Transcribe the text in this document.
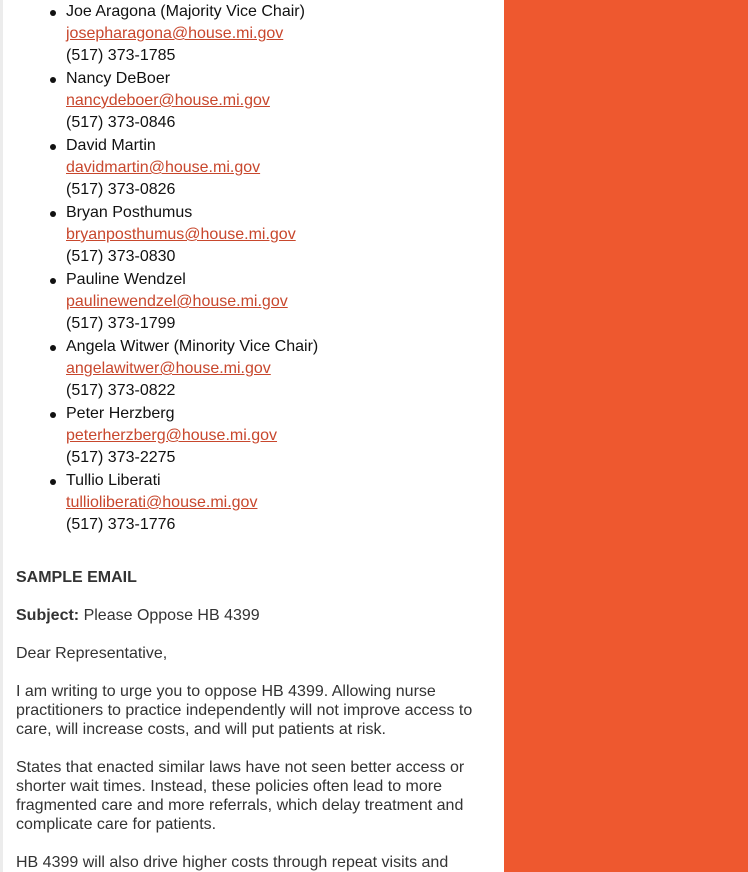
Joe Aragona (Majority Vice Chair)
josepharagona@house.mi.gov
(517) 373-1785
Nancy DeBoer
nancydeboer@house.mi.gov
(517) 373-0846
David Martin
davidmartin@house.mi.gov
(517) 373-0826
Bryan Posthumus
bryanposthumus@house.mi.gov
(517) 373-0830
Pauline Wendzel
paulinewendzel@house.mi.gov
(517) 373-1799
Angela Witwer (Minority Vice Chair)
angelawitwer@house.mi.gov
(517) 373-0822
Peter Herzberg
peterherzberg@house.mi.gov
(517) 373-2275
Tullio Liberati
tullioliberati@house.mi.gov
(517) 373-1776

SAMPLE EMAIL

Subject: Please Oppose HB 4399

Dear Representative,

I am writing to urge you to oppose HB 4399. Allowing nurse practitioners to practice independently will not improve access to care, will increase costs, and will put patients at risk.

States that enacted similar laws have not seen better access or shorter wait times. Instead, these policies often lead to more fragmented care and more referrals, which delay treatment and complicate care for patients.

HB 4399 will also drive higher costs through repeat visits and
